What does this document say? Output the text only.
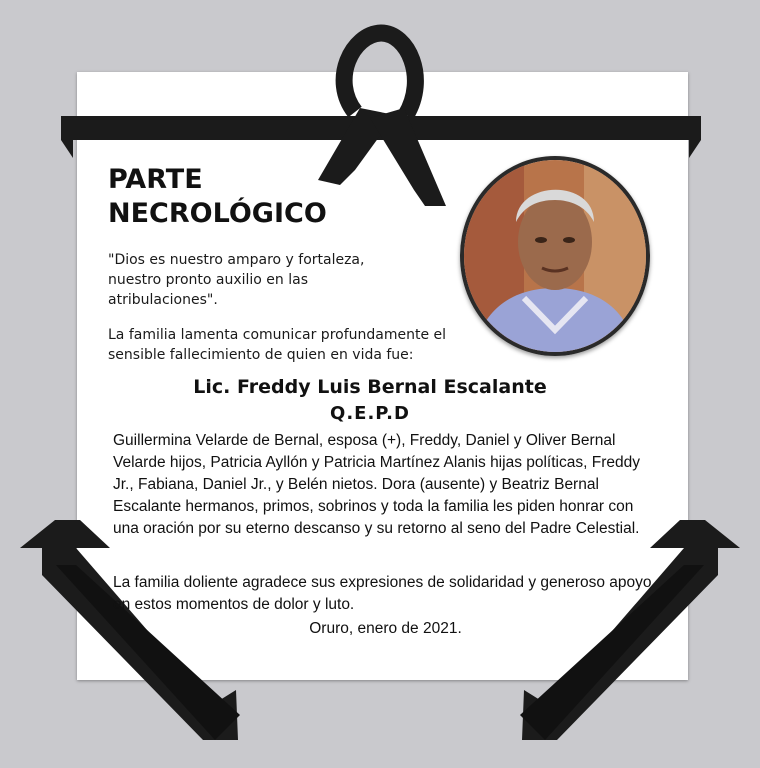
PARTE
NECROLÓGICO

"Dios es nuestro amparo y fortaleza, nuestro pronto auxilio en las atribulaciones".

La familia lamenta comunicar profundamente el sensible fallecimiento de quien en vida fue:

Lic. Freddy Luis Bernal Escalante

Q.E.P.D

Guillermina Velarde de Bernal, esposa (+), Freddy, Daniel y Oliver Bernal Velarde hijos, Patricia Ayllón y Patricia Martínez Alanis hijas políticas, Freddy Jr., Fabiana, Daniel Jr., y Belén nietos. Dora (ausente) y Beatriz Bernal Escalante hermanos, primos, sobrinos y toda la familia les piden honrar con una oración por su eterno descanso y su retorno al seno del Padre Celestial.

La familia doliente agradece sus expresiones de solidaridad y generoso apoyo en estos momentos de dolor y luto.

Oruro, enero de 2021.
